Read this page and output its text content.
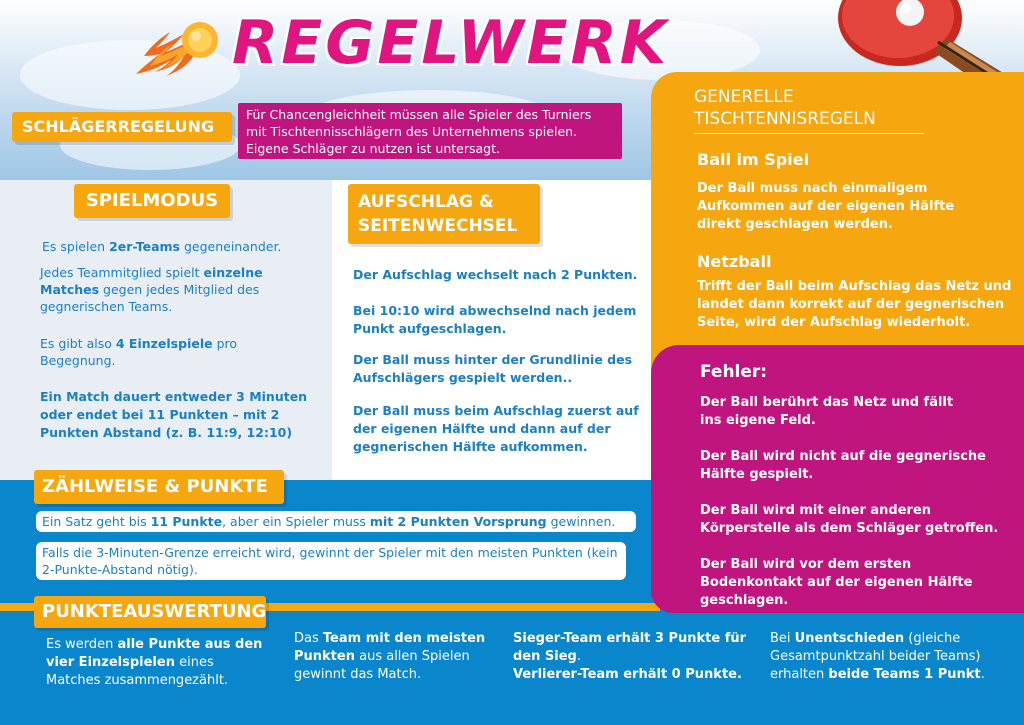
REGELWERK
SCHLÄGERREGELUNG
Für Chancengleichheit müssen alle Spieler des Turniers mit Tischtennisschlägern des Unternehmens spielen. Eigene Schläger zu nutzen ist untersagt.
SPIELMODUS
Es spielen 2er-Teams gegeneinander.
Jedes Teammitglied spielt einzelne Matches gegen jedes Mitglied des gegnerischen Teams.
Es gibt also 4 Einzelspiele pro Begegnung.
Ein Match dauert entweder 3 Minuten oder endet bei 11 Punkten – mit 2 Punkten Abstand (z. B. 11:9, 12:10)
AUFSCHLAG &
SEITENWECHSEL
Der Aufschlag wechselt nach 2 Punkten.
Bei 10:10 wird abwechselnd nach jedem Punkt aufgeschlagen.
Der Ball muss hinter der Grundlinie des Aufschlägers gespielt werden..
Der Ball muss beim Aufschlag zuerst auf der eigenen Hälfte und dann auf der gegnerischen Hälfte aufkommen.
ZÄHLWEISE & PUNKTE
Ein Satz geht bis 11 Punkte, aber ein Spieler muss mit 2 Punkten Vorsprung gewinnen.
Falls die 3-Minuten-Grenze erreicht wird, gewinnt der Spieler mit den meisten Punkten (kein 2-Punkte-Abstand nötig).
PUNKTEAUSWERTUNG
Es werden alle Punkte aus den vier Einzelspielen eines Matches zusammengezählt.
Das Team mit den meisten Punkten aus allen Spielen gewinnt das Match.
Sieger-Team erhält 3 Punkte für den Sieg.
Verlierer-Team erhält 0 Punkte.
Bei Unentschieden (gleiche Gesamtpunktzahl beider Teams) erhalten beide Teams 1 Punkt.
GENERELLE
TISCHTENNISREGELN
Ball im Spiel
Der Ball muss nach einmaligem Aufkommen auf der eigenen Hälfte direkt geschlagen werden.
Netzball
Trifft der Ball beim Aufschlag das Netz und landet dann korrekt auf der gegnerischen Seite, wird der Aufschlag wiederholt.
Fehler:
Der Ball berührt das Netz und fällt ins eigene Feld.
Der Ball wird nicht auf die gegnerische Hälfte gespielt.
Der Ball wird mit einer anderen Körperstelle als dem Schläger getroffen.
Der Ball wird vor dem ersten Bodenkontakt auf der eigenen Hälfte geschlagen.
